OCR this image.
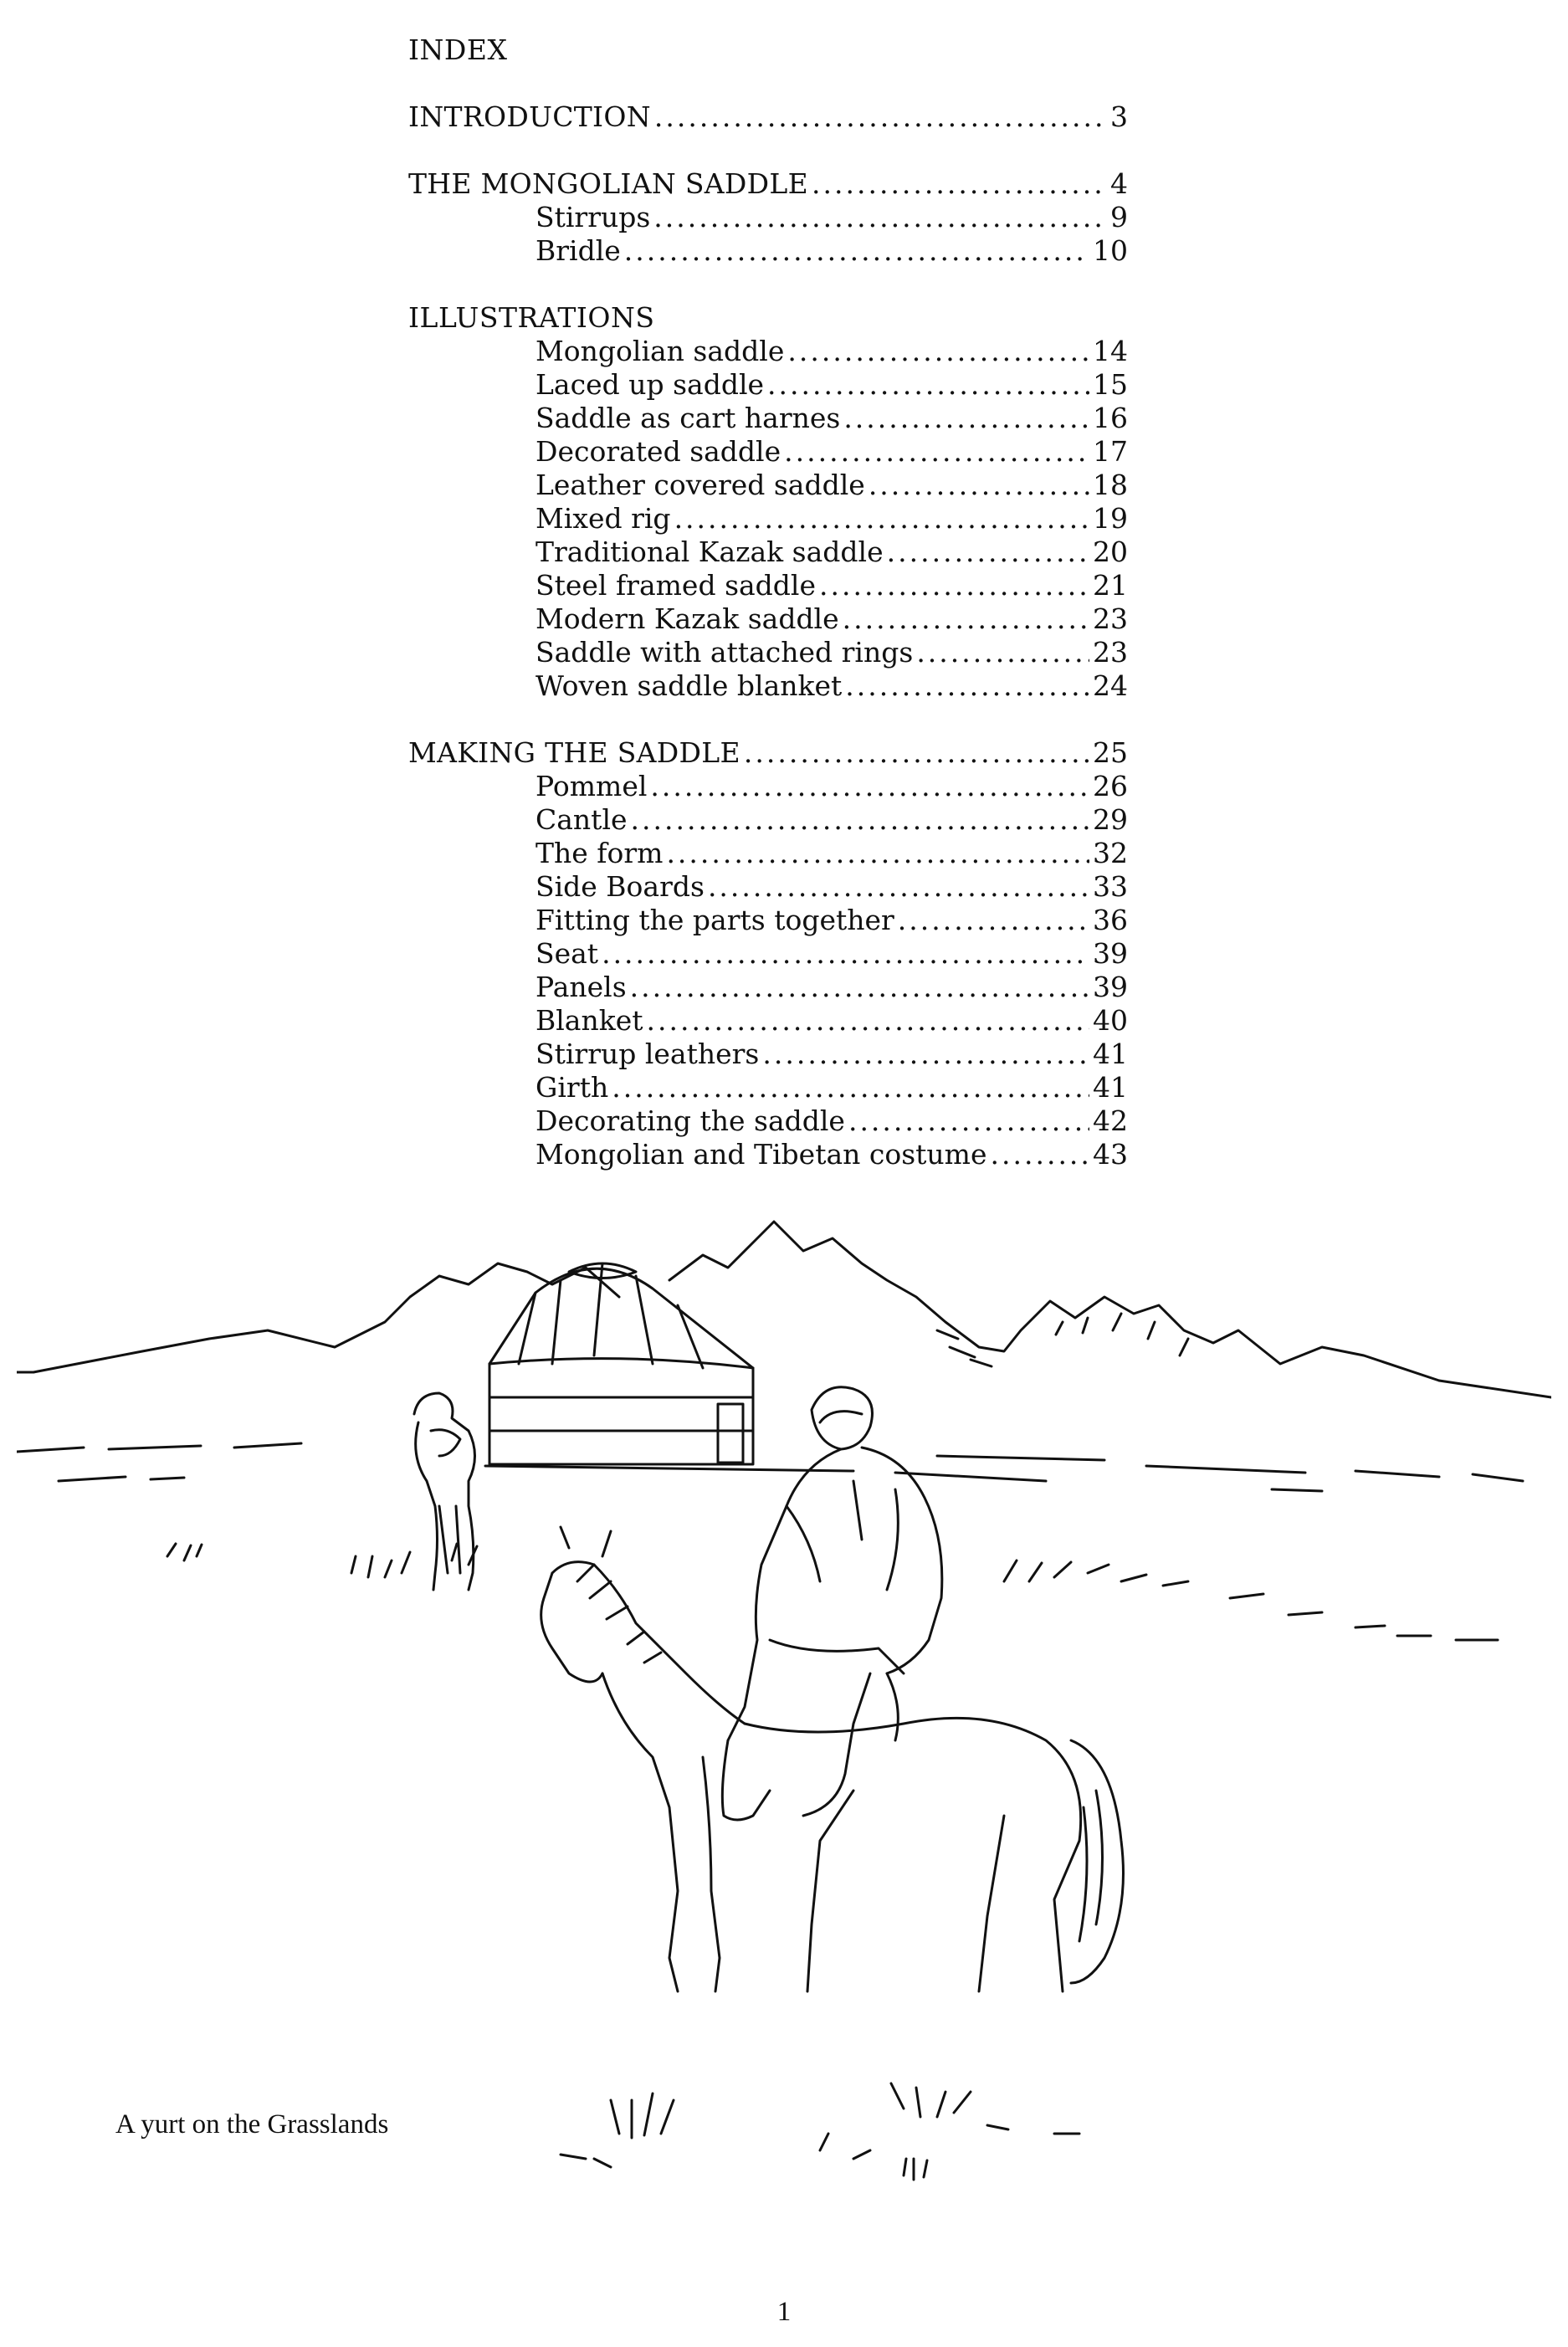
INDEX
INTRODUCTION .....	3
THE MONGOLIAN SADDLE .....	4
Stirrups .....	9
Bridle .....	10
ILLUSTRATIONS
Mongolian saddle .....	14
Laced up saddle .....	15
Saddle as cart harnes .....	16
Decorated saddle .....	17
Leather covered saddle .....	18
Mixed rig .....	19
Traditional Kazak saddle .....	20
Steel framed saddle .....	21
Modern Kazak saddle .....	23
Saddle with attached rings .....	23
Woven saddle blanket .....	24
MAKING THE SADDLE .....	25
Pommel .....	26
Cantle .....	29
The form .....	32
Side Boards .....	33
Fitting the parts together .....	36
Seat .....	39
Panels .....	39
Blanket .....	40
Stirrup leathers .....	41
Girth .....	41
Decorating the saddle .....	42
Mongolian and Tibetan costume .....	43
A yurt on the Grasslands
1
